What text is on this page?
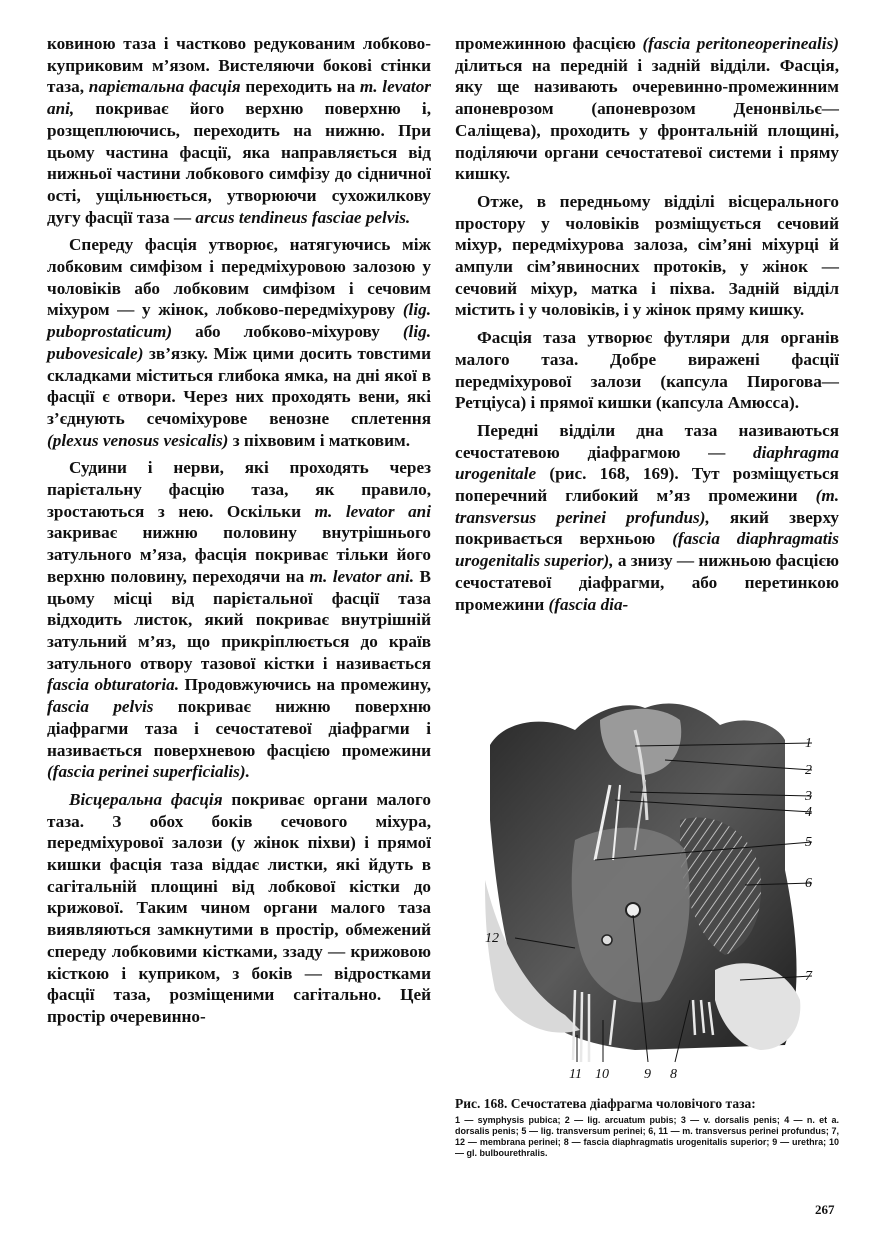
ковиною таза і частково редукованим лобково-куприковим м’язом. Вистеляючи бокові стінки таза, парієтальна фасція переходить на m. levator ani, покриває його верхню поверхню і, розщеплюючись, переходить на нижню. При цьому частина фасції, яка направляється від нижньої частини лобкового симфізу до сідничної ості, ущільнюється, утворюючи сухожилкову дугу фасції таза — arcus tendineus fasciae pelvis.

Спереду фасція утворює, натягуючись між лобковим симфізом і передміхуровою залозою у чоловіків або лобковим симфізом і сечовим міхуром — у жінок, лобково-передміхурову (lig. puboprostaticum) або лобково-міхурову (lig. pubovesicale) зв’язку. Між цими досить товстими складками міститься глибока ямка, на дні якої в фасції є отвори. Через них проходять вени, які з’єднують сечоміхурове венозне сплетення (plexus venosus vesicalis) з піхвовим і матковим.

Судини і нерви, які проходять через парієтальну фасцію таза, як правило, зростаються з нею. Оскільки m. levator ani закриває нижню половину внутрішнього затульного м’яза, фасція покриває тільки його верхню половину, переходячи на m. levator ani. В цьому місці від парієтальної фасції таза відходить листок, який покриває внутрішній затульний м’яз, що прикріплюється до країв затульного отвору тазової кістки і називається fascia obturatoria. Продовжуючись на промежину, fascia pelvis покриває нижню поверхню діафрагми таза і сечостатевої діафрагми і називається поверхневою фасцією промежини (fascia perinei superficialis).

Вісцеральна фасція покриває органи малого таза. З обох боків сечового міхура, передміхурової залози (у жінок піхви) і прямої кишки фасція таза віддає листки, які йдуть в сагітальній площині від лобкової кістки до крижової. Таким чином органи малого таза виявляються замкнутими в простір, обмежений спереду лобковими кістками, ззаду — крижовою кісткою і куприком, з боків — відростками фасції таза, розміщеними сагітально. Цей простір очеревинно-

промежинною фасцією (fascia peritoneoperinealis) ділиться на передній і задній відділи. Фасція, яку ще називають очеревинно-промежинним апоневрозом (апоневрозом Денонвільє—Саліщева), проходить у фронтальній площині, поділяючи органи сечостатевої системи і пряму кишку.

Отже, в передньому відділі вісцерального простору у чоловіків розміщується сечовий міхур, передміхурова залоза, сім’яні міхурці й ампули сім’явиносних протоків, у жінок — сечовий міхур, матка і піхва. Задній відділ містить і у чоловіків, і у жінок пряму кишку.

Фасція таза утворює футляри для органів малого таза. Добре виражені фасції передміхурової залози (капсула Пирогова—Ретціуса) і прямої кишки (капсула Амюсса).

Передні відділи дна таза називаються сечостатевою діафрагмою — diaphragma urogenitale (рис. 168, 169). Тут розміщується поперечний глибокий м’яз промежини (m. transversus perinei profundus), який зверху покривається верхньою (fascia diaphragmatis urogenitalis superior), а знизу — нижньою фасцією сечостатевої діафрагми, або перетинкою промежини (fascia dia-

1
2
3
4
5
6
7
12
11 10	9 8

Рис. 168. Сечостатева діафрагма чоловічого таза:

1 — symphysis pubica; 2 — lig. arcuatum pubis; 3 — v. dorsalis penis; 4 — n. et a. dorsalis penis; 5 — lig. transversum perinei; 6, 11 — m. transversus perinei profundus; 7, 12 — membrana perinei; 8 — fascia diaphragmatis urogenitalis superior; 9 — urethra; 10 — gl. bulbourethralis.

267
